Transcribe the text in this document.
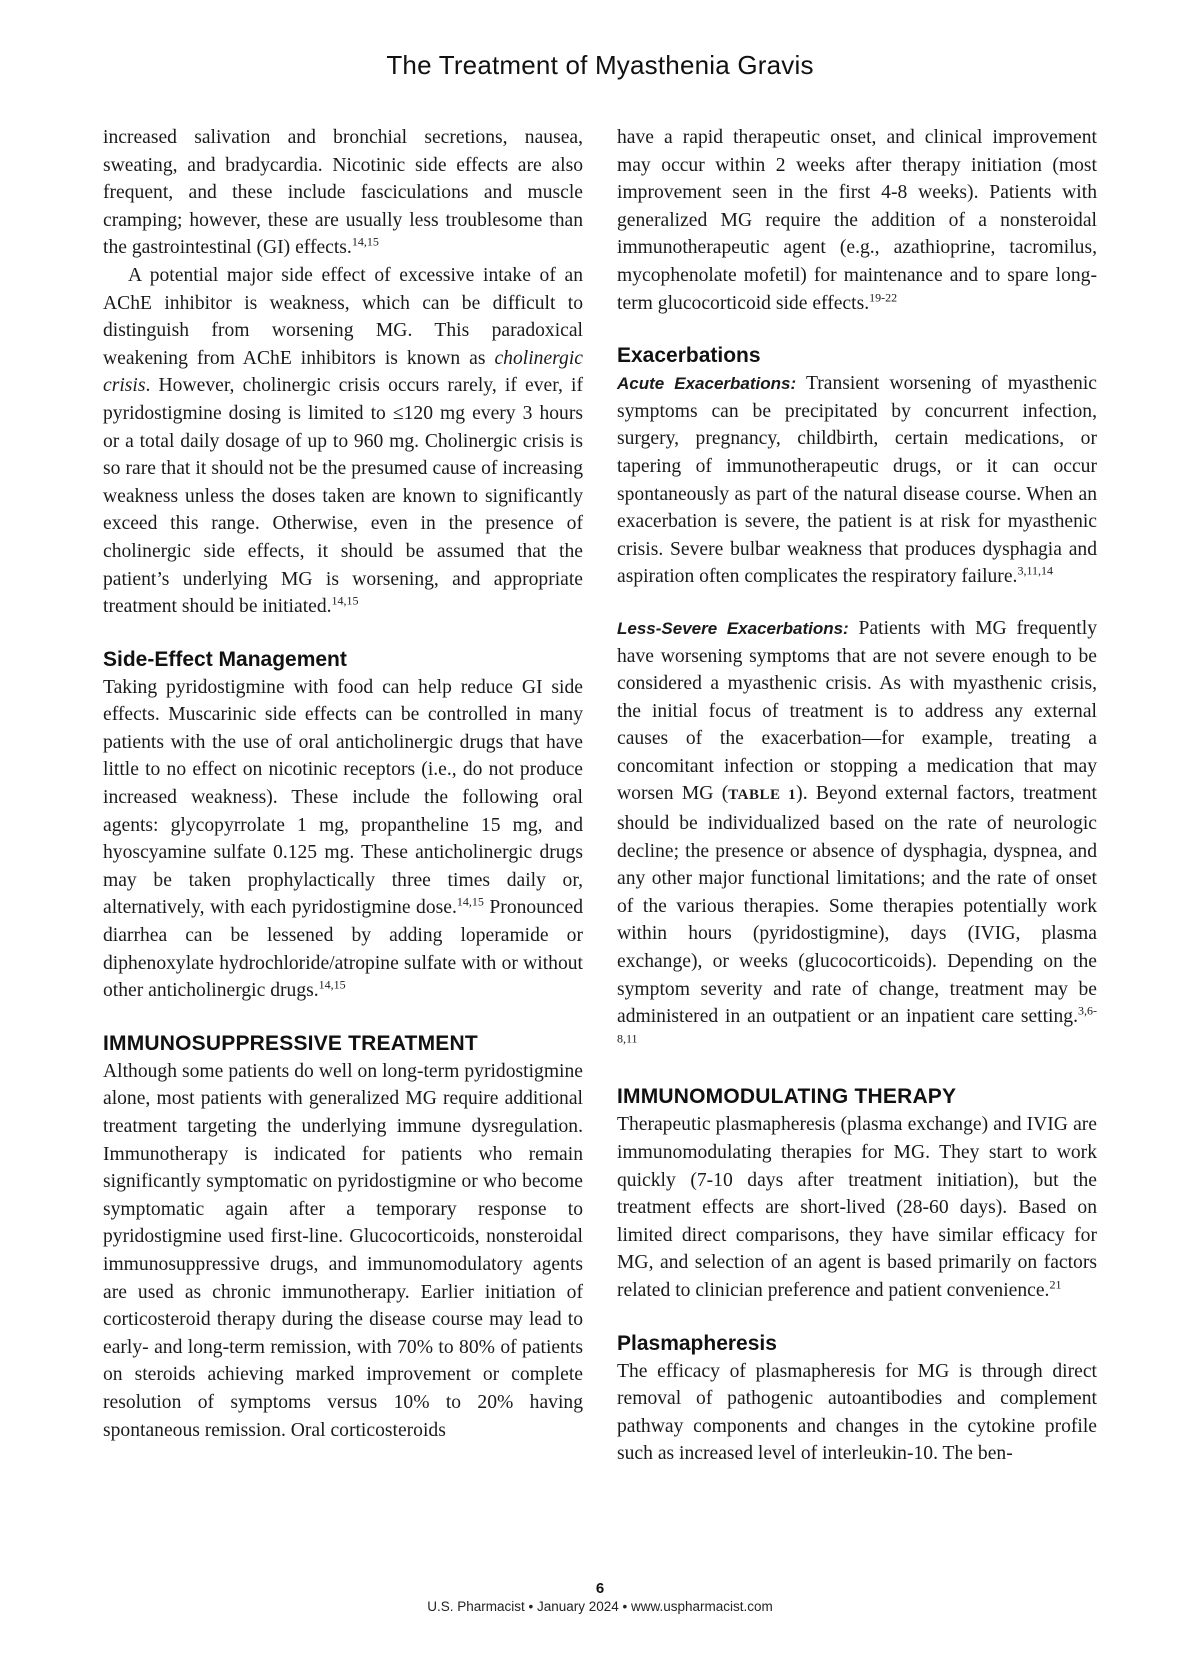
The Treatment of Myasthenia Gravis

increased salivation and bronchial secretions, nausea, sweating, and bradycardia. Nicotinic side effects are also frequent, and these include fasciculations and muscle cramping; however, these are usually less troublesome than the gastrointestinal (GI) effects.$^{14,15}$

A potential major side effect of excessive intake of an AChE inhibitor is weakness, which can be difficult to distinguish from worsening MG. This paradoxical weakening from AChE inhibitors is known as cholinergic crisis. However, cholinergic crisis occurs rarely, if ever, if pyridostigmine dosing is limited to ≤120 mg every 3 hours or a total daily dosage of up to 960 mg. Cholinergic crisis is so rare that it should not be the presumed cause of increasing weakness unless the doses taken are known to significantly exceed this range. Otherwise, even in the presence of cholinergic side effects, it should be assumed that the patient’s underlying MG is worsening, and appropriate treatment should be initiated.$^{14,15}$

Side-Effect Management

Taking pyridostigmine with food can help reduce GI side effects. Muscarinic side effects can be controlled in many patients with the use of oral anticholinergic drugs that have little to no effect on nicotinic receptors (i.e., do not produce increased weakness). These include the following oral agents: glycopyrrolate 1 mg, propantheline 15 mg, and hyoscyamine sulfate 0.125 mg. These anticholinergic drugs may be taken prophylactically three times daily or, alternatively, with each pyridostigmine dose.$^{14,15}$ Pronounced diarrhea can be lessened by adding loperamide or diphenoxylate hydrochloride/atropine sulfate with or without other anticholinergic drugs.$^{14,15}$

IMMUNOSUPPRESSIVE TREATMENT

Although some patients do well on long-term pyridostigmine alone, most patients with generalized MG require additional treatment targeting the underlying immune dysregulation. Immunotherapy is indicated for patients who remain significantly symptomatic on pyridostigmine or who become symptomatic again after a temporary response to pyridostigmine used first-line. Glucocorticoids, nonsteroidal immunosuppressive drugs, and immunomodulatory agents are used as chronic immunotherapy. Earlier initiation of corticosteroid therapy during the disease course may lead to early- and long-term remission, with 70% to 80% of patients on steroids achieving marked improvement or complete resolution of symptoms versus 10% to 20% having spontaneous remission. Oral corticosteroids

have a rapid therapeutic onset, and clinical improvement may occur within 2 weeks after therapy initiation (most improvement seen in the first 4-8 weeks). Patients with generalized MG require the addition of a nonsteroidal immunotherapeutic agent (e.g., azathioprine, tacromilus, mycophenolate mofetil) for maintenance and to spare long-term glucocorticoid side effects.$^{19-22}$

Exacerbations

Acute Exacerbations: Transient worsening of myasthenic symptoms can be precipitated by concurrent infection, surgery, pregnancy, childbirth, certain medications, or tapering of immunotherapeutic drugs, or it can occur spontaneously as part of the natural disease course. When an exacerbation is severe, the patient is at risk for myasthenic crisis. Severe bulbar weakness that produces dysphagia and aspiration often complicates the respiratory failure.$^{3,11,14}$

Less-Severe Exacerbations: Patients with MG frequently have worsening symptoms that are not severe enough to be considered a myasthenic crisis. As with myasthenic crisis, the initial focus of treatment is to address any external causes of the exacerbation—for example, treating a concomitant infection or stopping a medication that may worsen MG (TABLE 1). Beyond external factors, treatment should be individualized based on the rate of neurologic decline; the presence or absence of dysphagia, dyspnea, and any other major functional limitations; and the rate of onset of the various therapies. Some therapies potentially work within hours (pyridostigmine), days (IVIG, plasma exchange), or weeks (glucocorticoids). Depending on the symptom severity and rate of change, treatment may be administered in an outpatient or an inpatient care setting.$^{3,6-8,11}$

IMMUNOMODULATING THERAPY

Therapeutic plasmapheresis (plasma exchange) and IVIG are immunomodulating therapies for MG. They start to work quickly (7-10 days after treatment initiation), but the treatment effects are short-lived (28-60 days). Based on limited direct comparisons, they have similar efficacy for MG, and selection of an agent is based primarily on factors related to clinician preference and patient convenience.$^{21}$

Plasmapheresis

The efficacy of plasmapheresis for MG is through direct removal of pathogenic autoantibodies and complement pathway components and changes in the cytokine profile such as increased level of interleukin-10. The ben-

6
U.S. Pharmacist • January 2024 • www.uspharmacist.com
